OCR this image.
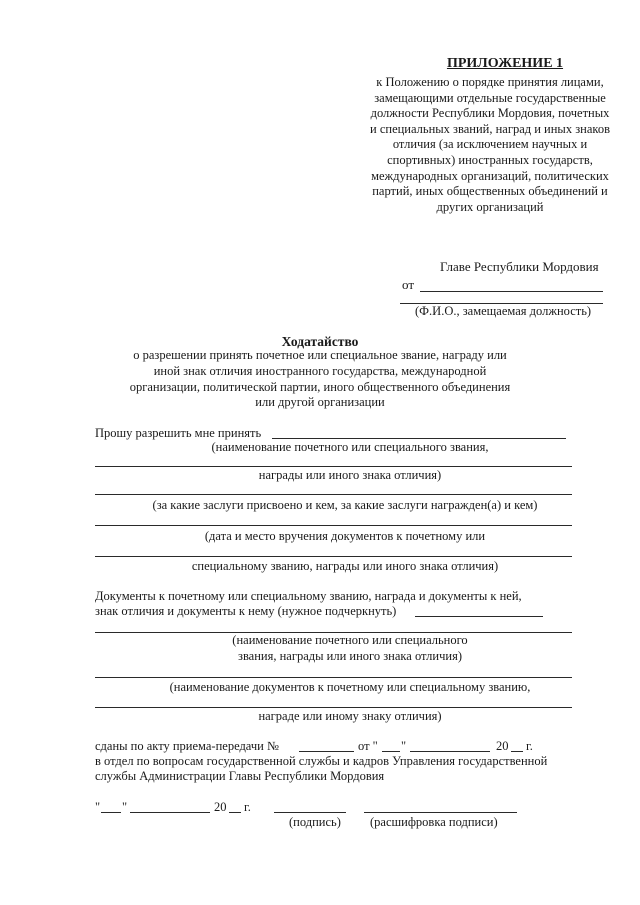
ПРИЛОЖЕНИЕ 1
к Положению о порядке принятия лицами, замещающими отдельные государственные должности Республики Мордовия, почетных и специальных званий, наград и иных знаков отличия (за исключением научных и спортивных) иностранных государств, международных организаций, политических партий, иных общественных объединений и других организаций
Главе Республики Мордовия
от
(Ф.И.О., замещаемая должность)
Ходатайство
о разрешении принять почетное или специальное звание, награду или иной знак отличия иностранного государства, международной организации, политической партии, иного общественного объединения или другой организации
Прошу разрешить мне принять
(наименование почетного или специального звания,
награды или иного знака отличия)
(за какие заслуги присвоено и кем, за какие заслуги награжден(а) и кем)
(дата и место вручения документов к почетному или
специальному званию, награды или иного знака отличия)
Документы к почетному или специальному званию, награда и документы к ней,
знак отличия и документы к нему (нужное подчеркнуть)
(наименование почетного или специального
звания, награды или иного знака отличия)
(наименование документов к почетному или специальному званию,
награде или иному знаку отличия)
сданы по акту приема-передачи №	от " "	20 г.
в отдел по вопросам государственной службы и кадров Управления государственной
службы Администрации Главы Республики Мордовия
" "	20 г.
(подпись) (расшифровка подписи)
